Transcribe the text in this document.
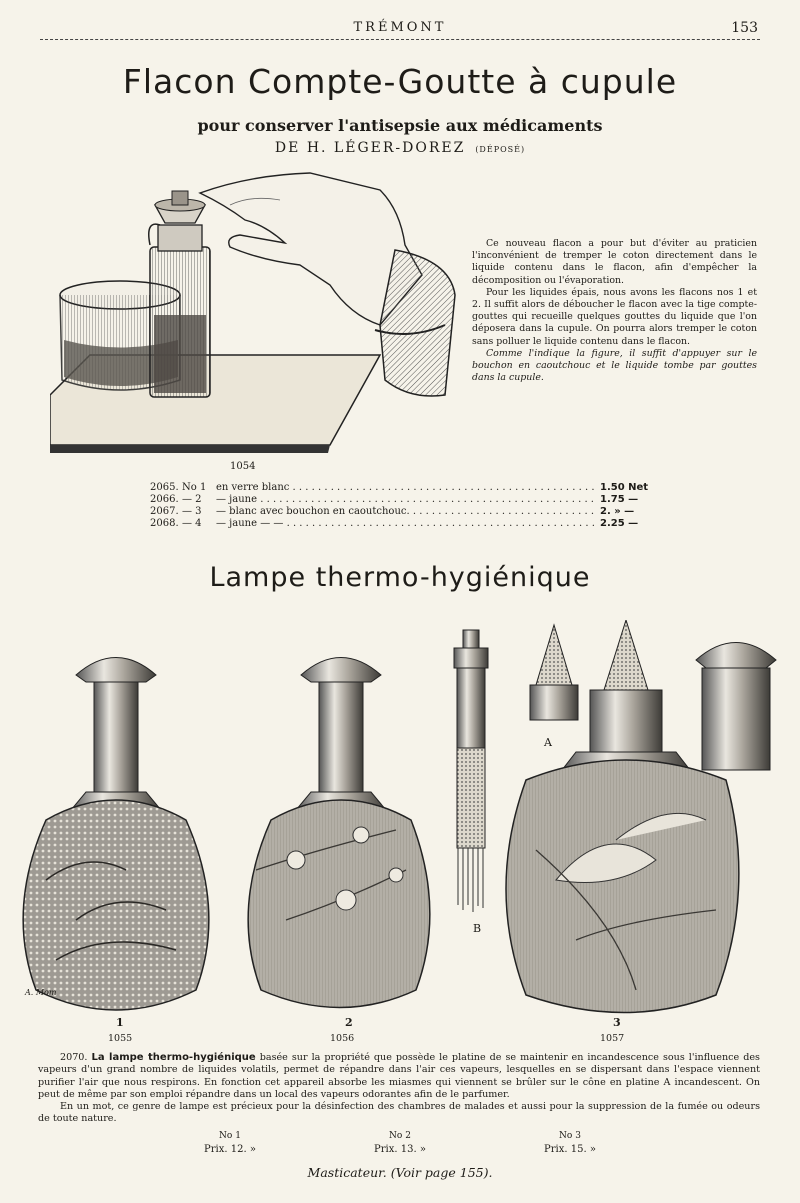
TRÉMONT	153
Flacon Compte-Goutte à cupule
pour conserver l'antisepsie aux médicaments
DE H. LÉGER-DOREZ (DÉPOSÉ)
1054

Ce nouveau flacon a pour but d'éviter au praticien l'inconvénient de tremper le coton directement dans le liquide contenu dans le flacon, afin d'empêcher la décomposition ou l'évaporation.

Pour les liquides épais, nous avons les flacons nos 1 et 2. Il suffit alors de déboucher le flacon avec la tige compte-gouttes qui recueille quelques gouttes du liquide que l'on déposera dans la cupule. On pourra alors tremper le coton sans polluer le liquide contenu dans le flacon.

Comme l'indique la figure, il suffit d'appuyer sur le bouchon en caoutchouc et le liquide tombe par gouttes dans la cupule.

2065. No 1 en verre blanc . . .	1.50 Net
2066. — 2	— jaune . . .	1.75 —
2067. — 3	— blanc avec bouchon en caoutchouc. . . .	2. » —
2068. — 4	— jaune — — . . .	2.25 —
Lampe thermo-hygiénique
A
B
A. Mom
1
1055
2
1056
3
1057

2070. La lampe thermo-hygiénique basée sur la propriété que possède le platine de se maintenir en incandescence sous l'influence des vapeurs d'un grand nombre de liquides volatils, permet de répandre dans l'air ces vapeurs, lesquelles en se dispersant dans l'espace viennent purifier l'air que nous respirons. En fonction cet appareil absorbe les miasmes qui viennent se brûler sur le cône en platine A incandescent. On peut de même par son emploi répandre dans un local des vapeurs odorantes afin de le parfumer.

En un mot, ce genre de lampe est précieux pour la désinfection des chambres de malades et aussi pour la suppression de la fumée ou odeurs de toute nature.

No 1
Prix. 12. »
No 2
Prix. 13. »
No 3
Prix. 15. »
Masticateur. (Voir page 155).
